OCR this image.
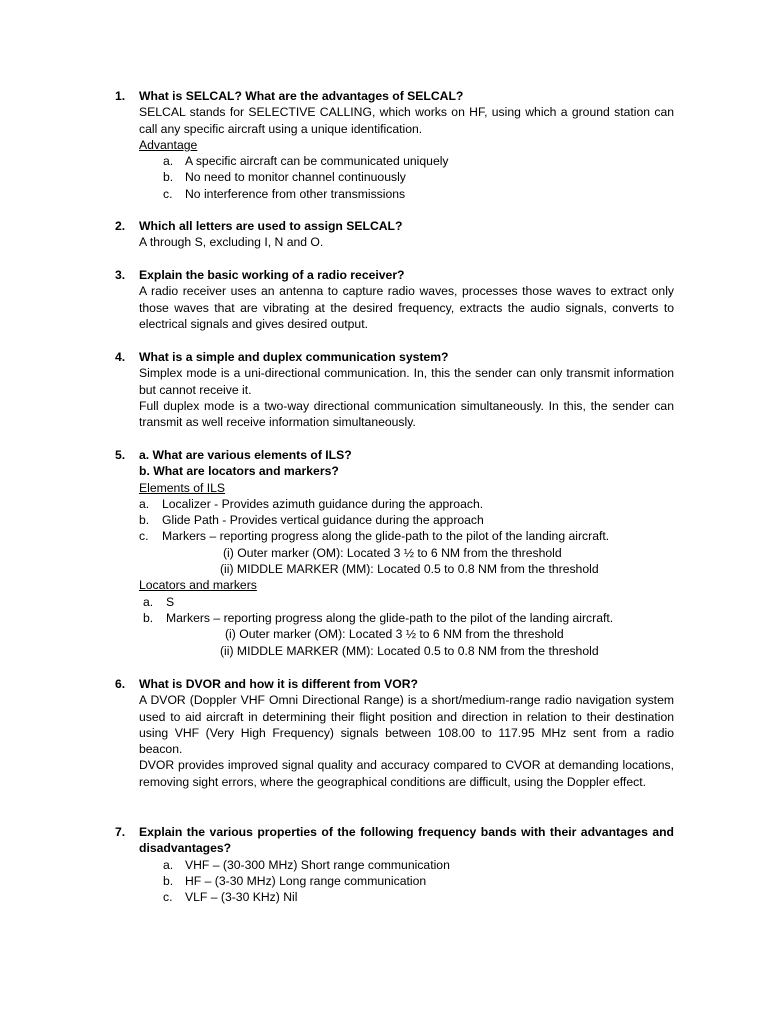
1. What is SELCAL? What are the advantages of SELCAL?

SELCAL stands for SELECTIVE CALLING, which works on HF, using which a ground station can call any specific aircraft using a unique identification.

Advantage

a. A specific aircraft can be communicated uniquely
b. No need to monitor channel continuously
c. No interference from other transmissions
2. Which all letters are used to assign SELCAL?

A through S, excluding I, N and O.

3. Explain the basic working of a radio receiver?

A radio receiver uses an antenna to capture radio waves, processes those waves to extract only those waves that are vibrating at the desired frequency, extracts the audio signals, converts to electrical signals and gives desired output.

4. What is a simple and duplex communication system?

Simplex mode is a uni-directional communication. In, this the sender can only transmit information but cannot receive it.

Full duplex mode is a two-way directional communication simultaneously. In this, the sender can transmit as well receive information simultaneously.

5. a. What are various elements of ILS?

b. What are locators and markers?

Elements of ILS

a. Localizer - Provides azimuth guidance during the approach.
b. Glide Path - Provides vertical guidance during the approach
c. Markers – reporting progress along the glide-path to the pilot of the landing aircraft.

(i) Outer marker (OM): Located 3 ½ to 6 NM from the threshold

(ii) MIDDLE MARKER (MM): Located 0.5 to 0.8 NM from the threshold

Locators and markers

a. S
b. Markers – reporting progress along the glide-path to the pilot of the landing aircraft.

(i) Outer marker (OM): Located 3 ½ to 6 NM from the threshold

(ii) MIDDLE MARKER (MM): Located 0.5 to 0.8 NM from the threshold

6. What is DVOR and how it is different from VOR?

A DVOR (Doppler VHF Omni Directional Range) is a short/medium-range radio navigation system used to aid aircraft in determining their flight position and direction in relation to their destination using VHF (Very High Frequency) signals between 108.00 to 117.95 MHz sent from a radio beacon.

DVOR provides improved signal quality and accuracy compared to CVOR at demanding locations, removing sight errors, where the geographical conditions are difficult, using the Doppler effect.

7. Explain the various properties of the following frequency bands with their advantages and disadvantages?

a. VHF – (30-300 MHz) Short range communication
b. HF – (3-30 MHz) Long range communication
c. VLF – (3-30 KHz) Nil
